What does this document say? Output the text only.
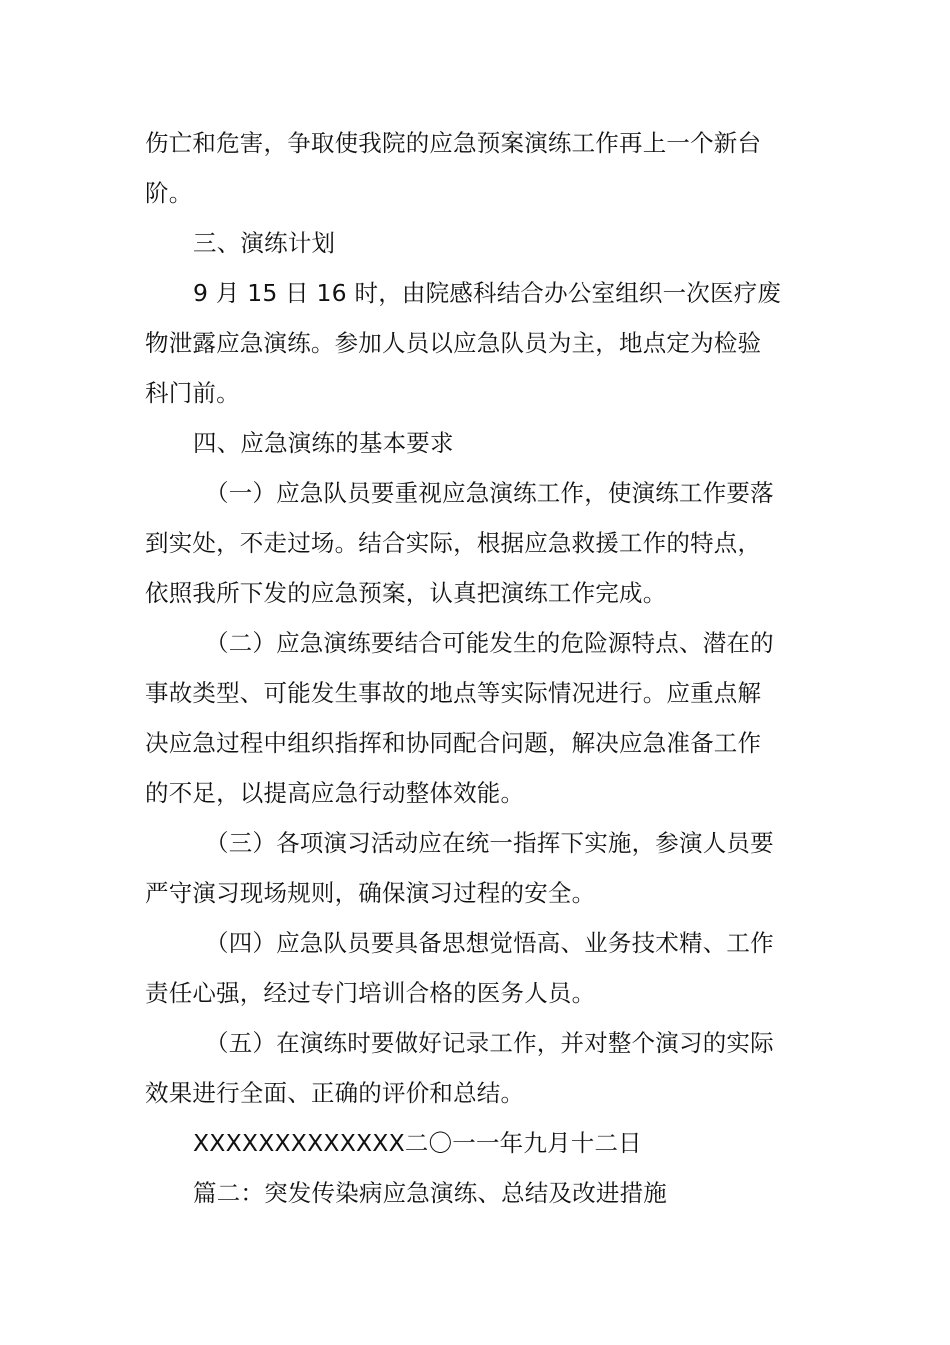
伤亡和危害，争取使我院的应急预案演练工作再上一个新台
阶。
三、演练计划
9 月 15 日 16 时，由院感科结合办公室组织一次医疗废
物泄露应急演练。参加人员以应急队员为主，地点定为检验
科门前。
四、应急演练的基本要求
（一）应急队员要重视应急演练工作，使演练工作要落
到实处，不走过场。结合实际，根据应急救援工作的特点，
依照我所下发的应急预案，认真把演练工作完成。
（二）应急演练要结合可能发生的危险源特点、潜在的
事故类型、可能发生事故的地点等实际情况进行。应重点解
决应急过程中组织指挥和协同配合问题，解决应急准备工作
的不足，以提高应急行动整体效能。
（三）各项演习活动应在统一指挥下实施，参演人员要
严守演习现场规则，确保演习过程的安全。
（四）应急队员要具备思想觉悟高、业务技术精、工作
责任心强，经过专门培训合格的医务人员。
（五）在演练时要做好记录工作，并对整个演习的实际
效果进行全面、正确的评价和总结。
XXXXXXXXXXXXX二〇一一年九月十二日
篇二：突发传染病应急演练、总结及改进措施
